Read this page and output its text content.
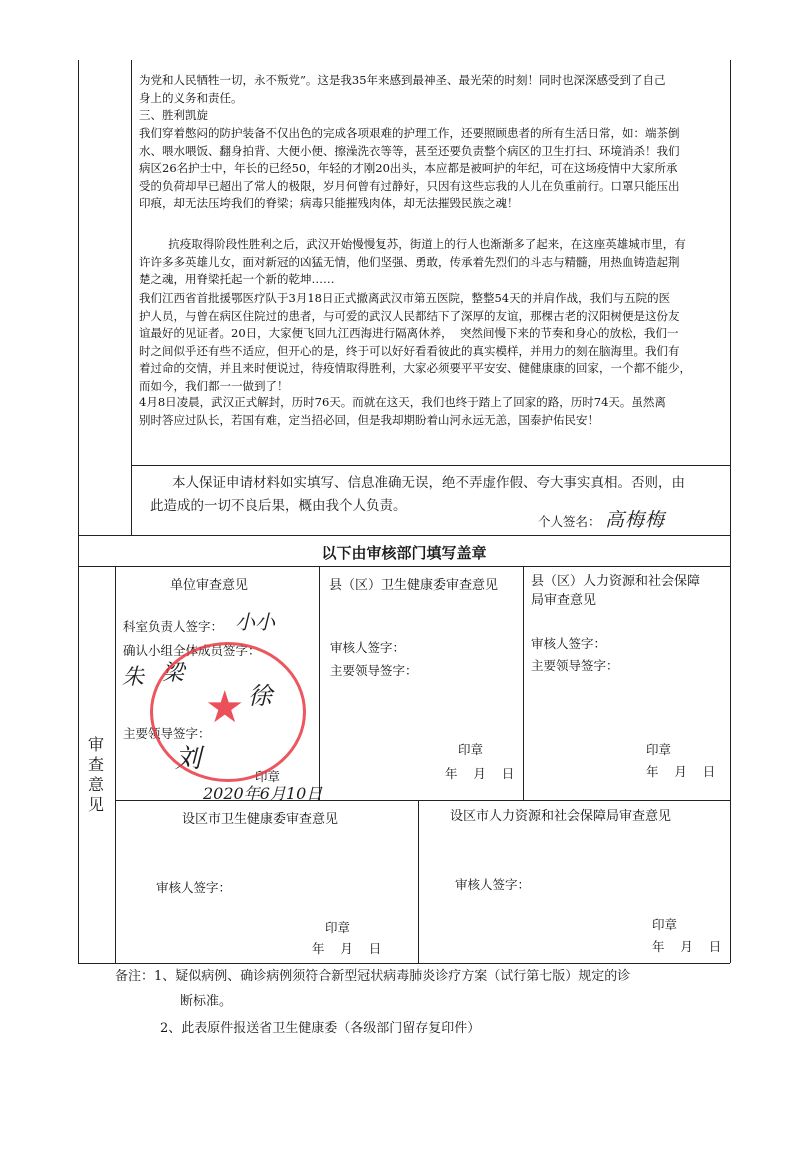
为党和人民牺牲一切，永不叛党”。这是我35年来感到最神圣、最光荣的时刻！同时也深深感受到了自己
身上的义务和责任。
三、胜利凯旋
我们穿着憋闷的防护装备不仅出色的完成各项艰难的护理工作，还要照顾患者的所有生活日常，如：端茶倒
水、喂水喂饭、翻身拍背、大便小便、擦澡洗衣等等，甚至还要负责整个病区的卫生打扫、环境消杀！我们
病区26名护士中，年长的已经50，年轻的才刚20出头，本应都是被呵护的年纪，可在这场疫情中大家所承
受的负荷却早已超出了常人的极限，岁月何曾有过静好，只因有这些忘我的人儿在负重前行。口罩只能压出
印痕，却无法压垮我们的脊梁；病毒只能摧残肉体，却无法摧毁民族之魂！
抗疫取得阶段性胜利之后，武汉开始慢慢复苏，街道上的行人也渐渐多了起来，在这座英雄城市里，有
许许多多英雄儿女，面对新冠的凶猛无情，他们坚强、勇敢，传承着先烈们的斗志与精髓，用热血铸造起荆
楚之魂，用脊梁托起一个新的乾坤……
我们江西省首批援鄂医疗队于3月18日正式撤离武汉市第五医院，整整54天的并肩作战，我们与五院的医
护人员，与曾在病区住院过的患者，与可爱的武汉人民都结下了深厚的友谊，那棵古老的汉阳树便是这份友
谊最好的见证者。20日，大家便飞回九江西海进行隔离休养，  突然间慢下来的节奏和身心的放松，我们一
时之间似乎还有些不适应，但开心的是，终于可以好好看看彼此的真实模样，并用力的刻在脑海里。我们有
着过命的交情，并且来时便说过，待疫情取得胜利，大家必须要平平安安、健健康康的回家，一个都不能少，
而如今，我们都一一做到了！
4月8日凌晨，武汉正式解封，历时76天。而就在这天，我们也终于踏上了回家的路，历时74天。虽然离
别时答应过队长，若国有难，定当招必回，但是我却期盼着山河永远无恙，国泰护佑民安！
本人保证申请材料如实填写、信息准确无误，绝不弄虚作假、夸大事实真相。否则，由
此造成的一切不良后果，概由我个人负责。
个人签名： 高梅梅
以下由审核部门填写盖章
审查意见
单位审查意见
科室负责人签字：
确认小组全体成员签字：
主要领导签字：
印章
2020年6月10日
小小
朱 梁
徐
刘
★
县（区）卫生健康委审查意见
审核人签字：
主要领导签字：
印章
年    月    日
县（区）人力资源和社会保障
局审查意见
审核人签字：
主要领导签字：
印章
年    月    日
设区市卫生健康委审查意见
审核人签字：
印章
年    月    日
设区市人力资源和社会保障局审查意见
审核人签字：
印章
年    月    日
备注：1、疑似病例、确诊病例须符合新型冠状病毒肺炎诊疗方案（试行第七版）规定的诊
断标准。
2、此表原件报送省卫生健康委（各级部门留存复印件）
